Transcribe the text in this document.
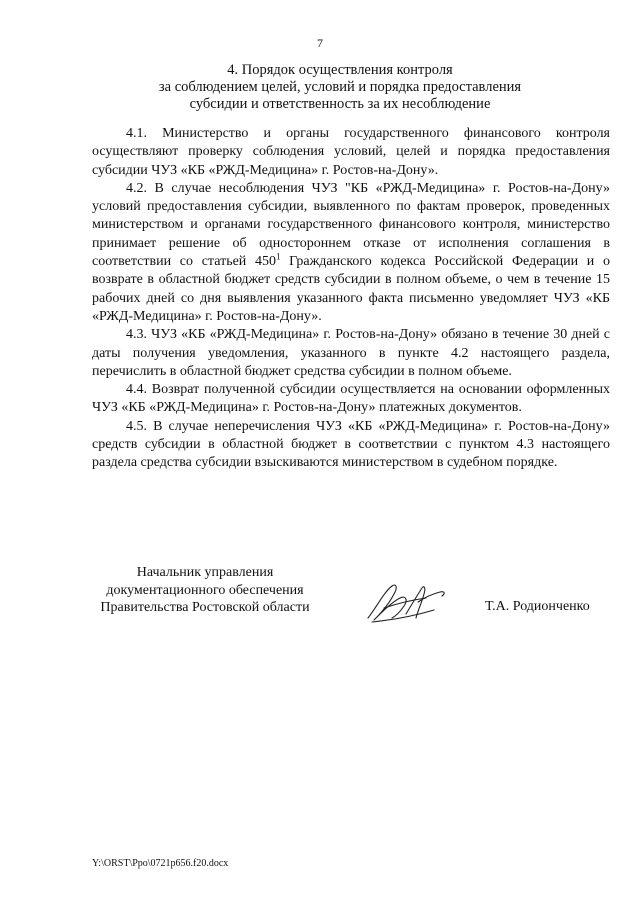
7
4. Порядок осуществления контроля
за соблюдением целей, условий и порядка предоставления
субсидии и ответственность за их несоблюдение

4.1. Министерство и органы государственного финансового контроля осуществляют проверку соблюдения условий, целей и порядка предоставления субсидии ЧУЗ «КБ «РЖД-Медицина» г. Ростов-на-Дону».

4.2. В случае несоблюдения ЧУЗ "КБ «РЖД-Медицина» г. Ростов-на-Дону» условий предоставления субсидии, выявленного по фактам проверок, проведенных министерством и органами государственного финансового контроля, министерство принимает решение об одностороннем отказе от исполнения соглашения в соответствии со статьей $450^1$ Гражданского кодекса Российской Федерации и о возврате в областной бюджет средств субсидии в полном объеме, о чем в течение 15 рабочих дней со дня выявления указанного факта письменно уведомляет ЧУЗ «КБ «РЖД-Медицина» г. Ростов-на-Дону».

4.3. ЧУЗ «КБ «РЖД-Медицина» г. Ростов-на-Дону» обязано в течение 30 дней с даты получения уведомления, указанного в пункте 4.2 настоящего раздела, перечислить в областной бюджет средства субсидии в полном объеме.

4.4. Возврат полученной субсидии осуществляется на основании оформленных ЧУЗ «КБ «РЖД-Медицина» г. Ростов-на-Дону» платежных документов.

4.5. В случае неперечисления ЧУЗ «КБ «РЖД-Медицина» г. Ростов-на-Дону» средств субсидии в областной бюджет в соответствии с пунктом 4.3 настоящего раздела средства субсидии взыскиваются министерством в судебном порядке.

Начальник управления
документационного обеспечения
Правительства Ростовской области	Т.А. Родионченко
Y:\ORST\Ppo\0721p656.f20.docx
